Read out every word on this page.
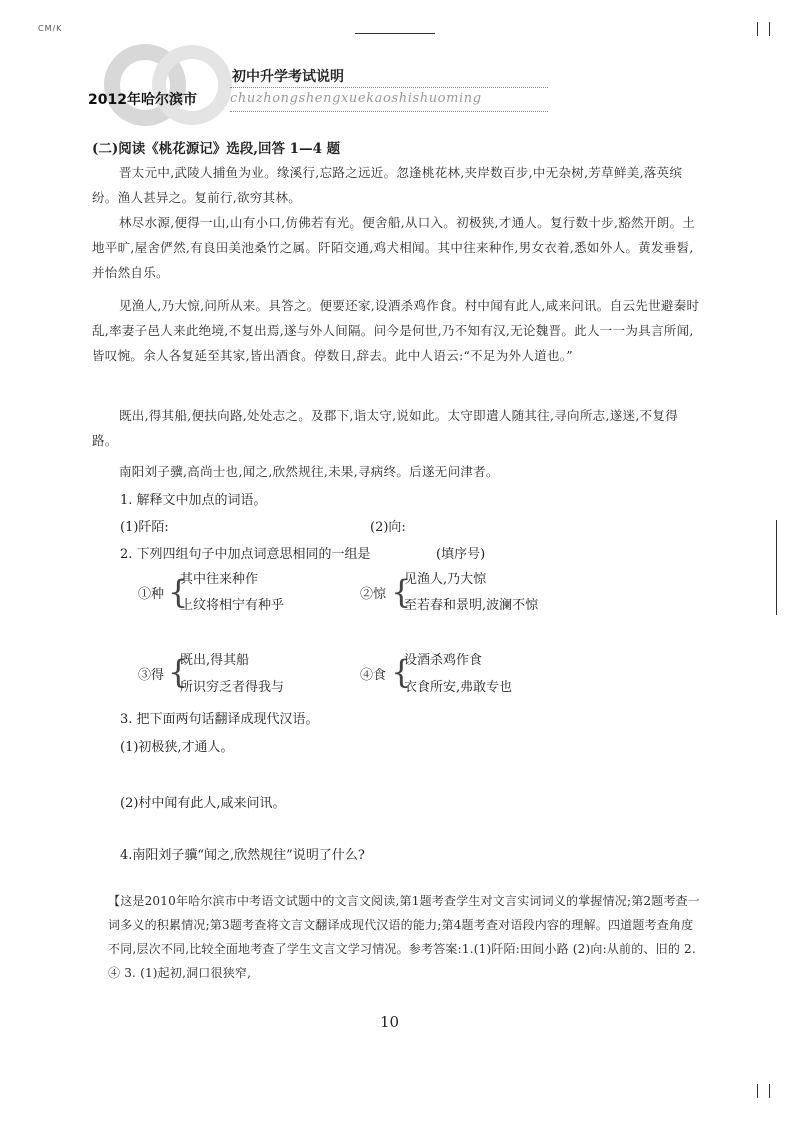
CM/K
初中升学考试说明
2012年哈尔滨市	chuzhongshengxuekaoshishuoming
(二)阅读《桃花源记》选段,回答 1—4 题
晋太元中,武陵人捕鱼为业。缘溪行,忘路之远近。忽逢桃花林,夹岸数百步,中无杂树,芳草鲜美,落英缤纷。渔人甚异之。复前行,欲穷其林。
林尽水源,便得一山,山有小口,仿佛若有光。便舍船,从口入。初极狭,才通人。复行数十步,豁然开朗。土地平旷,屋舍俨然,有良田美池桑竹之属。阡陌交通,鸡犬相闻。其中往来种作,男女衣着,悉如外人。黄发垂髫,并怡然自乐。
见渔人,乃大惊,问所从来。具答之。便要还家,设酒杀鸡作食。村中闻有此人,咸来问讯。自云先世避秦时乱,率妻子邑人来此绝境,不复出焉,遂与外人间隔。问今是何世,乃不知有汉,无论魏晋。此人一一为具言所闻,皆叹惋。余人各复延至其家,皆出酒食。停数日,辞去。此中人语云:“不足为外人道也。”
既出,得其船,便扶向路,处处志之。及郡下,诣太守,说如此。太守即遣人随其往,寻向所志,遂迷,不复得路。
南阳刘子骥,高尚士也,闻之,欣然规往,未果,寻病终。后遂无问津者。
1. 解释文中加点的词语。
(1)阡陌:	(2)向:
2. 下列四组句子中加点词意思相同的一组是	(填序号)
①种 {
其中往来种作
上纹将相宁有种乎
②惊 {
见渔人,乃大惊
至若春和景明,波澜不惊
③得 {
既出,得其船
所识穷乏者得我与
④食 {
设酒杀鸡作食
衣食所安,弗敢专也
3. 把下面两句话翻译成现代汉语。
(1)初极狭,才通人。
(2)村中闻有此人,咸来问讯。
4.南阳刘子骥“闻之,欣然规往”说明了什么?
【这是2010年哈尔滨市中考语文试题中的文言文阅读,第1题考查学生对文言实词词义的掌握情况;第2题考查一词多义的积累情况;第3题考查将文言文翻译成现代汉语的能力;第4题考查对语段内容的理解。四道题考查角度不同,层次不同,比较全面地考查了学生文言文学习情况。参考答案:1.(1)阡陌:田间小路 (2)向:从前的、旧的 2. ④ 3. (1)起初,洞口很狭窄,
10
